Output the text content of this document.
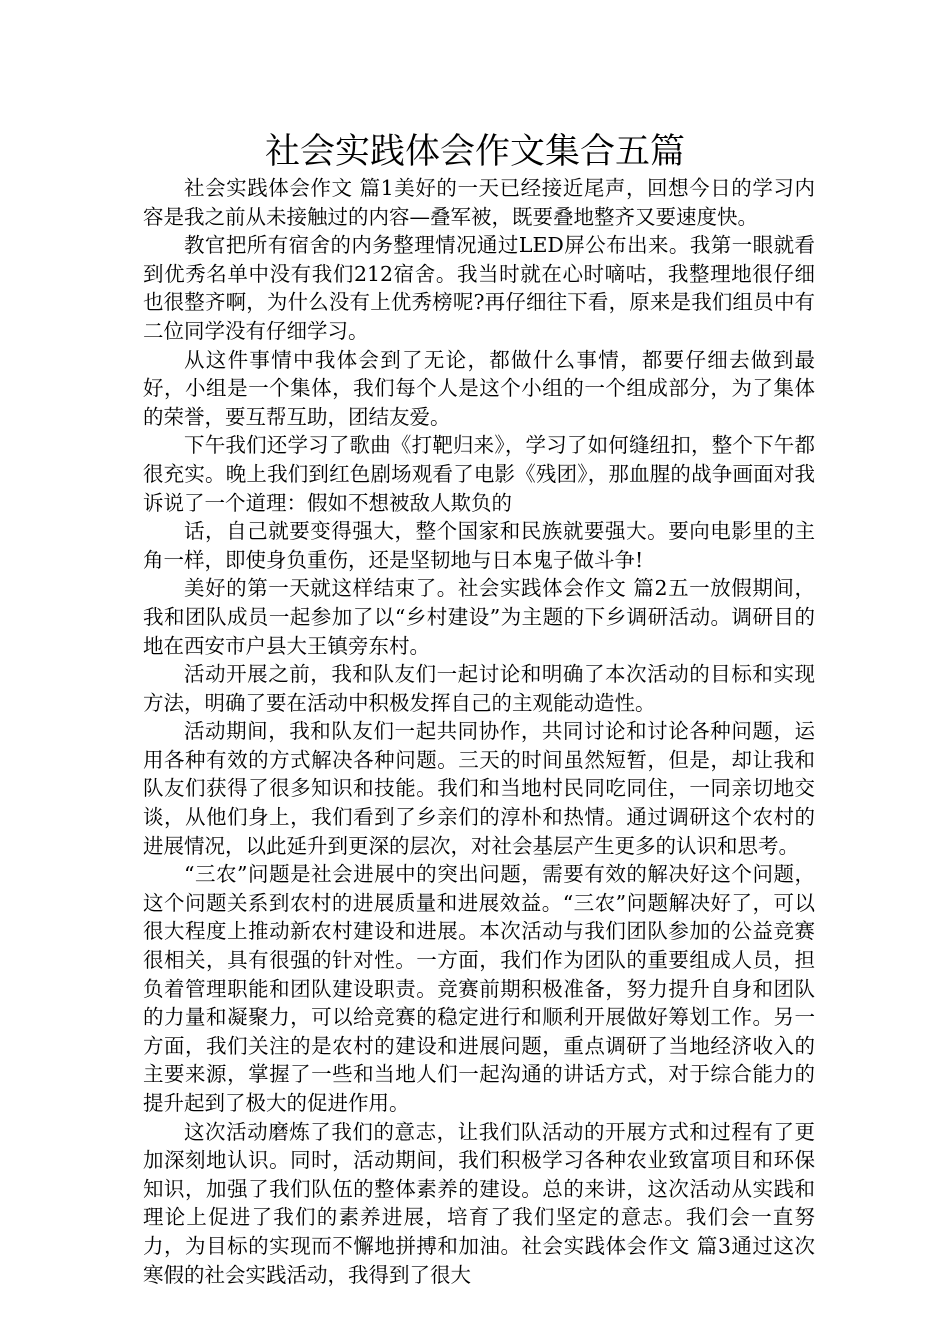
社会实践体会作文集合五篇

社会实践体会作文 篇1美好的一天已经接近尾声，回想今日的学习内容是我之前从未接触过的内容—叠军被，既要叠地整齐又要速度快。

教官把所有宿舍的内务整理情况通过LED屏公布出来。我第一眼就看到优秀名单中没有我们212宿舍。我当时就在心时嘀咕，我整理地很仔细也很整齐啊，为什么没有上优秀榜呢?再仔细往下看，原来是我们组员中有二位同学没有仔细学习。

从这件事情中我体会到了无论，都做什么事情，都要仔细去做到最好，小组是一个集体，我们每个人是这个小组的一个组成部分，为了集体的荣誉，要互帮互助，团结友爱。

下午我们还学习了歌曲《打靶归来》，学习了如何缝纽扣，整个下午都很充实。晚上我们到红色剧场观看了电影《残团》，那血腥的战争画面对我诉说了一个道理：假如不想被敌人欺负的

话，自己就要变得强大，整个国家和民族就要强大。要向电影里的主角一样，即使身负重伤，还是坚韧地与日本鬼子做斗争!

美好的第一天就这样结束了。社会实践体会作文 篇2五一放假期间，我和团队成员一起参加了以“乡村建设”为主题的下乡调研活动。调研目的地在西安市户县大王镇旁东村。

活动开展之前，我和队友们一起讨论和明确了本次活动的目标和实现方法，明确了要在活动中积极发挥自己的主观能动造性。

活动期间，我和队友们一起共同协作，共同讨论和讨论各种问题，运用各种有效的方式解决各种问题。三天的时间虽然短暂，但是，却让我和队友们获得了很多知识和技能。我们和当地村民同吃同住，一同亲切地交谈，从他们身上，我们看到了乡亲们的淳朴和热情。通过调研这个农村的进展情况，以此延升到更深的层次，对社会基层产生更多的认识和思考。

“三农”问题是社会进展中的突出问题，需要有效的解决好这个问题，这个问题关系到农村的进展质量和进展效益。“三农”问题解决好了，可以很大程度上推动新农村建设和进展。本次活动与我们团队参加的公益竞赛很相关，具有很强的针对性。一方面，我们作为团队的重要组成人员，担负着管理职能和团队建设职责。竞赛前期积极准备，努力提升自身和团队的力量和凝聚力，可以给竞赛的稳定进行和顺利开展做好筹划工作。另一方面，我们关注的是农村的建设和进展问题，重点调研了当地经济收入的主要来源，掌握了一些和当地人们一起沟通的讲话方式，对于综合能力的提升起到了极大的促进作用。

这次活动磨炼了我们的意志，让我们队活动的开展方式和过程有了更加深刻地认识。同时，活动期间，我们积极学习各种农业致富项目和环保知识，加强了我们队伍的整体素养的建设。总的来讲，这次活动从实践和理论上促进了我们的素养进展，培育了我们坚定的意志。我们会一直努力，为目标的实现而不懈地拼搏和加油。社会实践体会作文 篇3通过这次寒假的社会实践活动，我得到了很大
